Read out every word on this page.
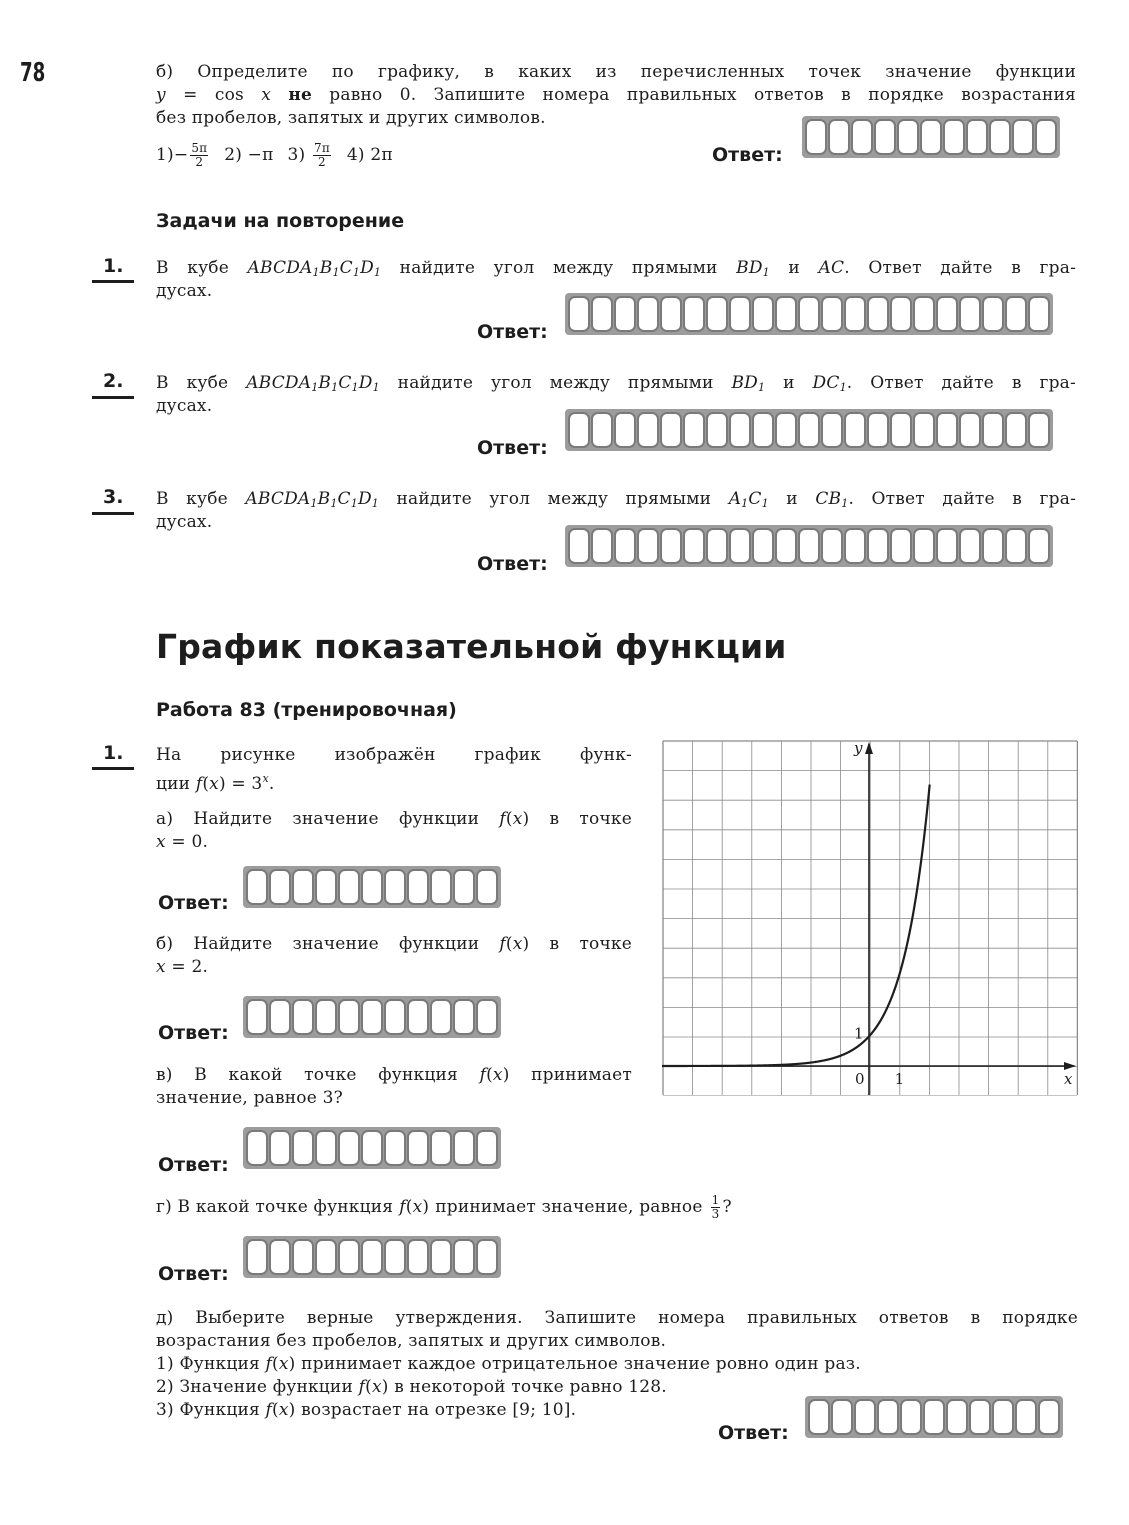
78	б) Определите по графику, в каких из перечисленных точек значение функции
y = cos x не равно 0. Запишите номера правильных ответов в порядке возрастания
без пробелов, запятых и других символов.
$1)- \frac{5\pi}{2} 2) -\pi$ $3) \frac{7\pi}{2} 4$) 2π	Ответ:
Задачи на повторение
1. В кубе $ABCDA_1B_1C_1D_1$ найдите угол между прямыми $BD_1$ и AC. Ответ дайте в гра-
дусах.
Ответ:
2. В кубе $ABCDA_1B_1C_1D_1$ найдите угол между прямыми $BD_1$ и $DC_1$. Ответ дайте в гра-
дусах.
Ответ:
3. В кубе $ABCDA_1B_1C_1D_1$ найдите угол между прямыми $A_1C_1$ и $CB_1$. Ответ дайте в гра-
дусах.
Ответ:
График показательной функции
Работа 83 (тренировочная)
1. На рисунке изображён график функ-
ции $f(x) = 3^x$.
а) Найдите значение функции f(x) в точке
x = 0.
Ответ:
б) Найдите значение функции f(x) в точке
x = 2.
Ответ:
в) В какой точке функция f(x) принимает
значение, равное 3?
Ответ:
г) В какой точке функция f(x) принимает значение, равное $\frac{1}{3}$ ?
Ответ:
д) Выберите верные утверждения. Запишите номера правильных ответов в порядке
возрастания без пробелов, запятых и других символов.
1) Функция f(x) принимает каждое отрицательное значение ровно один раз.
2) Значение функции f(x) в некоторой точке равно 128.
3) Функция f(x) возрастает на отрезке [9; 10].
Ответ:
x
y
0 1
1
